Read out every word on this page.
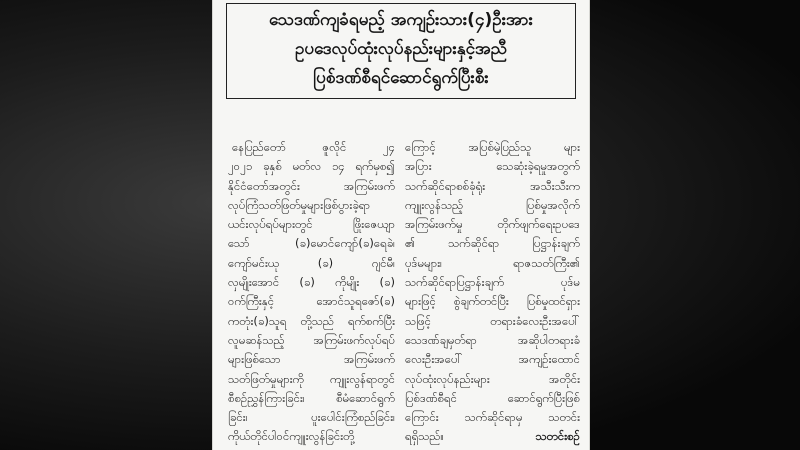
သေဒဏ်ကျခံရမည့် အကျဉ်းသား(၄)ဦးအား
ဥပဒေလုပ်ထုံးလုပ်နည်းများနှင့်အညီ
ပြစ်ဒဏ်စီရင်ဆောင်ရွက်ပြီးစီး
နေပြည်တော် ဇူလိုင် ၂၄
၂၀၂၁ ခုနှစ် မတ်လ ၁၄ ရက်မှစ၍
နိုင်ငံတော်အတွင်း အကြမ်းဖက်
လုပ်ကြံသတ်ဖြတ်မှုများဖြစ်ပွားခဲ့ရာ
ယင်းလုပ်ရပ်များတွင် ဖြိုးဇေယျာ
သော် (ခ)မောင်ကျော်(ခ)ရေခဲ၊
ကျော်မင်းယု (ခ) ဂျင်မီ၊
လှမျိုးအောင် (ခ) ကိုမျိုး (ခ)
ဝက်ကြီးနှင့် အောင်သူရဇော်(ခ)
ကတုံး(ခ)သူရ တို့သည် ရက်စက်ပြီး
လူမဆန်သည့် အကြမ်းဖက်လုပ်ရပ်
များဖြစ်သော အကြမ်းဖက်
သတ်ဖြတ်မှုများကို ကျူးလွန်ရာတွင်
စီစဉ်ညွှန်ကြားခြင်း၊ စီမံဆောင်ရွက်
ခြင်း၊ ပူးပေါင်းကြံစည်ခြင်း၊
ကိုယ်တိုင်ပါဝင်ကျူးလွန်ခြင်းတို့
ကြောင့် အပြစ်မဲ့ပြည်သူ များ
အပြား သေဆုံးခဲ့ရမှုအတွက်
သက်ဆိုင်ရာစစ်ခုံရုံး အသီးသီးက
ကျူးလွန်သည့် ပြစ်မှုအလိုက်
အကြမ်းဖက်မှု တိုက်ဖျက်ရေးဥပဒေ
၏ သက်ဆိုင်ရာ ပြဋ္ဌာန်းချက်
ပုဒ်မများ၊ ရာဇသတ်ကြီး၏
သက်ဆိုင်ရာပြဋ္ဌာန်းချက် ပုဒ်မ
များဖြင့် စွဲချက်တင်ပြီး ပြစ်မှုထင်ရှား
သဖြင့် တရားခံလေးဦးအပေါ်
သေဒဏ်ချမှတ်ရာ အဆိုပါတရားခံ
လေးဦးအပေါ် အကျဉ်းထောင်
လုပ်ထုံးလုပ်နည်းများ အတိုင်း
ပြစ်ဒဏ်စီရင် ဆောင်ရွက်ပြီးဖြစ်
ကြောင်း သက်ဆိုင်ရာမှ သတင်း
ရရှိသည်။	သတင်းစဉ်
